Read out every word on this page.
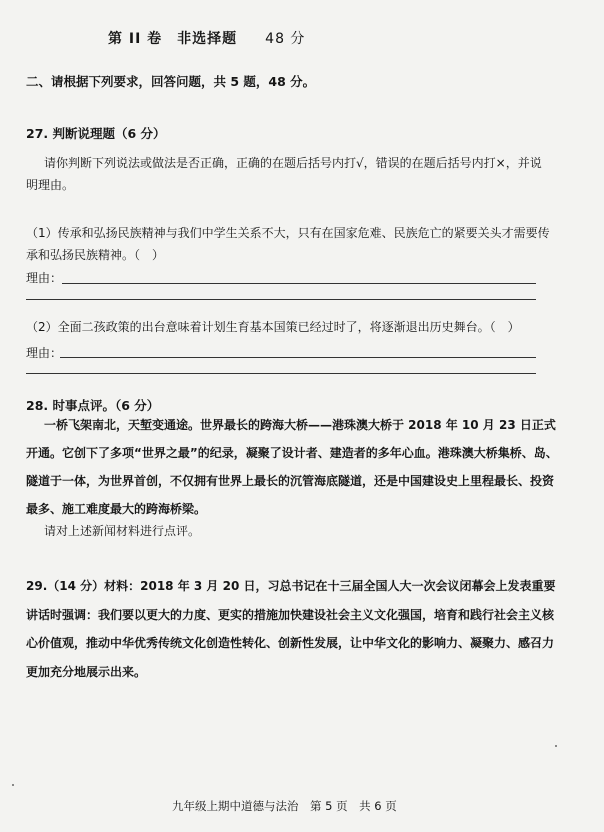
第 II 卷　非选择题 48 分
二、请根据下列要求，回答问题，共 5 题，48 分。
27. 判断说理题（6 分）
请你判断下列说法或做法是否正确，正确的在题后括号内打√，错误的在题后括号内打×，并说明理由。
（1）传承和弘扬民族精神与我们中学生关系不大，只有在国家危难、民族危亡的紧要关头才需要传承和弘扬民族精神。（　）
理由：
（2）全面二孩政策的出台意味着计划生育基本国策已经过时了，将逐渐退出历史舞台。（　）
理由：
28. 时事点评。（6 分）
一桥飞架南北，天堑变通途。世界最长的跨海大桥——港珠澳大桥于 2018 年 10 月 23 日正式开通。它创下了多项“世界之最”的纪录，凝聚了设计者、建造者的多年心血。港珠澳大桥集桥、岛、隧道于一体，为世界首创，不仅拥有世界上最长的沉管海底隧道，还是中国建设史上里程最长、投资最多、施工难度最大的跨海桥梁。
请对上述新闻材料进行点评。
29.（14 分）材料：2018 年 3 月 20 日，习总书记在十三届全国人大一次会议闭幕会上发表重要讲话时强调：我们要以更大的力度、更实的措施加快建设社会主义文化强国，培育和践行社会主义核心价值观，推动中华优秀传统文化创造性转化、创新性发展，让中华文化的影响力、凝聚力、感召力更加充分地展示出来。
九年级上期中道德与法治　第 5 页　共 6 页
